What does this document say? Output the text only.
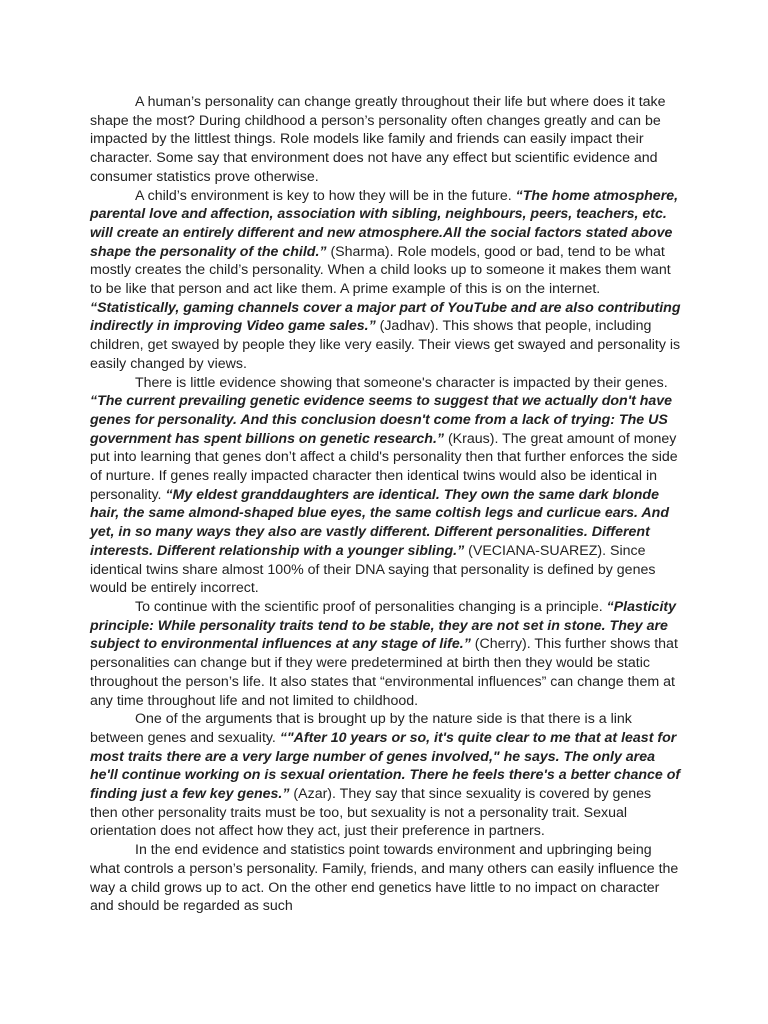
A human’s personality can change greatly throughout their life but where does it take shape the most? During childhood a person’s personality often changes greatly and can be impacted by the littlest things. Role models like family and friends can easily impact their character. Some say that environment does not have any effect but scientific evidence and consumer statistics prove otherwise.

A child’s environment is key to how they will be in the future. “The home atmosphere, parental love and affection, association with sibling, neighbours, peers, teachers, etc. will create an entirely different and new atmosphere.All the social factors stated above shape the personality of the child.” (Sharma). Role models, good or bad, tend to be what mostly creates the child’s personality. When a child looks up to someone it makes them want to be like that person and act like them. A prime example of this is on the internet. “Statistically, gaming channels cover a major part of YouTube and are also contributing indirectly in improving Video game sales.” (Jadhav). This shows that people, including children, get swayed by people they like very easily. Their views get swayed and personality is easily changed by views.

There is little evidence showing that someone's character is impacted by their genes. “The current prevailing genetic evidence seems to suggest that we actually don't have genes for personality. And this conclusion doesn't come from a lack of trying: The US government has spent billions on genetic research.” (Kraus). The great amount of money put into learning that genes don’t affect a child's personality then that further enforces the side of nurture. If genes really impacted character then identical twins would also be identical in personality. “My eldest granddaughters are identical. They own the same dark blonde hair, the same almond-shaped blue eyes, the same coltish legs and curlicue ears. And yet, in so many ways they also are vastly different. Different personalities. Different interests. Different relationship with a younger sibling.” (VECIANA-SUAREZ). Since identical twins share almost 100% of their DNA saying that personality is defined by genes would be entirely incorrect.

To continue with the scientific proof of personalities changing is a principle. “Plasticity principle: While personality traits tend to be stable, they are not set in stone. They are subject to environmental influences at any stage of life.” (Cherry). This further shows that personalities can change but if they were predetermined at birth then they would be static throughout the person’s life. It also states that “environmental influences” can change them at any time throughout life and not limited to childhood.

One of the arguments that is brought up by the nature side is that there is a link between genes and sexuality. “"After 10 years or so, it's quite clear to me that at least for most traits there are a very large number of genes involved," he says. The only area he'll continue working on is sexual orientation. There he feels there's a better chance of finding just a few key genes.” (Azar). They say that since sexuality is covered by genes then other personality traits must be too, but sexuality is not a personality trait. Sexual orientation does not affect how they act, just their preference in partners.

In the end evidence and statistics point towards environment and upbringing being what controls a person’s personality. Family, friends, and many others can easily influence the way a child grows up to act. On the other end genetics have little to no impact on character and should be regarded as such
